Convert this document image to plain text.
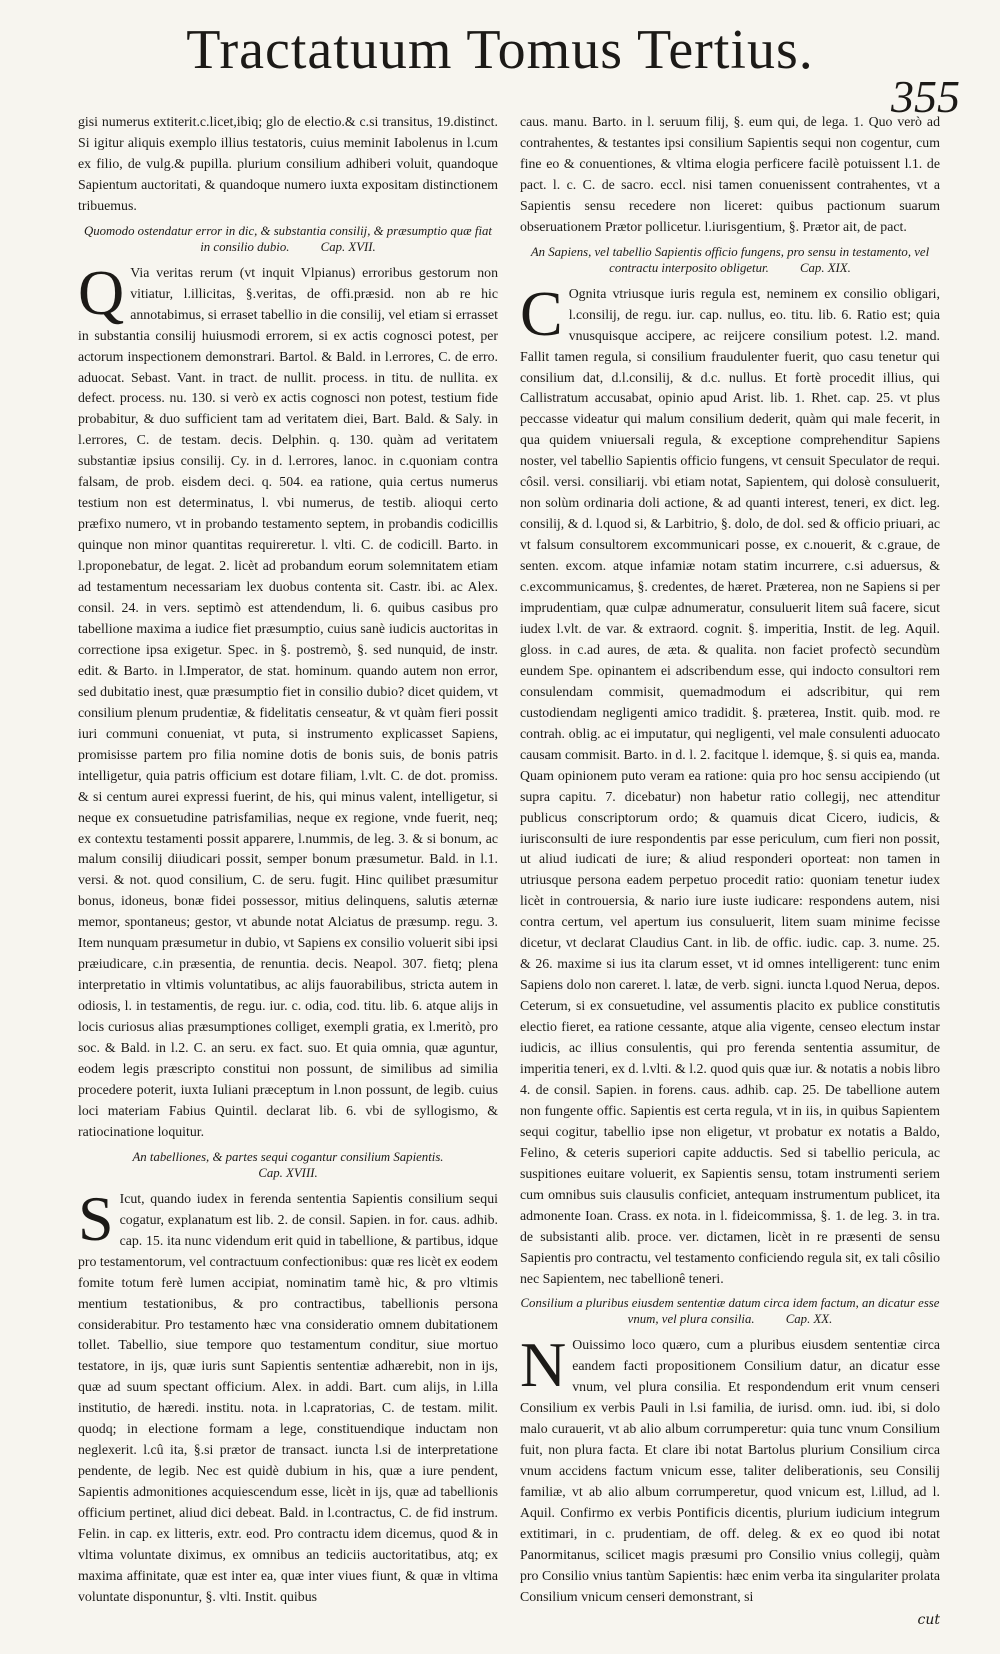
Tractatuum Tomus Tertius.
355

gisi numerus extiterit.c.licet,ibiq; glo de electio.& c.si transitus, 19.distinct. Si igitur aliquis exemplo illius testatoris, cuius meminit Iabolenus in l.cum ex filio, de vulg.& pupilla. plurium consilium adhiberi voluit, quandoque Sapientum auctoritati, & quandoque numero iuxta expositam distinctionem tribuemus.

Quomodo ostendatur error in dic, & substantia consilij, & præsumptio quæ fiat in consilio dubio. Cap. XVII.

Q Via veritas rerum (vt inquit Vlpianus) erroribus gestorum non vitiatur, l.illicitas, §.veritas, de offi.præsid. non ab re hic annotabimus, si erraset tabellio in die consilij, vel etiam si errasset in substantia consilij huiusmodi errorem, si ex actis cognosci potest, per actorum inspectionem demonstrari. Bartol. & Bald. in l.errores, C. de erro. aduocat. Sebast. Vant. in tract. de nullit. process. in titu. de nullita. ex defect. process. nu. 130. si verò ex actis cognosci non potest, testium fide probabitur, & duo sufficient tam ad veritatem diei, Bart. Bald. & Saly. in l.errores, C. de testam. decis. Delphin. q. 130. quàm ad veritatem substantiæ ipsius consilij. Cy. in d. l.errores, lanoc. in c.quoniam contra falsam, de prob. eisdem deci. q. 504. ea ratione, quia certus numerus testium non est determinatus, l. vbi numerus, de testib. alioqui certo præfixo numero, vt in probando testamento septem, in probandis codicillis quinque non minor quantitas requireretur. l. vlti. C. de codicill. Barto. in l.proponebatur, de legat. 2. licèt ad probandum eorum solemnitatem etiam ad testamentum necessariam lex duobus contenta sit. Castr. ibi. ac Alex. consil. 24. in vers. septimò est attendendum, li. 6. quibus casibus pro tabellione maxima a iudice fiet præsumptio, cuius sanè iudicis auctoritas in correctione ipsa exigetur. Spec. in §. postremò, §. sed nunquid, de instr. edit. & Barto. in l.Imperator, de stat. hominum. quando autem non error, sed dubitatio inest, quæ præsumptio fiet in consilio dubio? dicet quidem, vt consilium plenum prudentiæ, & fidelitatis censeatur, & vt quàm fieri possit iuri communi conueniat, vt puta, si instrumento explicasset Sapiens, promisisse partem pro filia nomine dotis de bonis suis, de bonis patris intelligetur, quia patris officium est dotare filiam, l.vlt. C. de dot. promiss. & si centum aurei expressi fuerint, de his, qui minus valent, intelligetur, si neque ex consuetudine patrisfamilias, neque ex regione, vnde fuerit, neq; ex contextu testamenti possit apparere, l.nummis, de leg. 3. & si bonum, ac malum consilij diiudicari possit, semper bonum præsumetur. Bald. in l.1. versi. & not. quod consilium, C. de seru. fugit. Hinc quilibet præsumitur bonus, idoneus, bonæ fidei possessor, mitius delinquens, salutis æternæ memor, spontaneus; gestor, vt abunde notat Alciatus de præsump. regu. 3. Item nunquam præsumetur in dubio, vt Sapiens ex consilio voluerit sibi ipsi præiudicare, c.in præsentia, de renuntia. decis. Neapol. 307. fietq; plena interpretatio in vltimis voluntatibus, ac alijs fauorabilibus, stricta autem in odiosis, l. in testamentis, de regu. iur. c. odia, cod. titu. lib. 6. atque alijs in locis curiosus alias præsumptiones colliget, exempli gratia, ex l.meritò, pro soc. & Bald. in l.2. C. an seru. ex fact. suo. Et quia omnia, quæ aguntur, eodem legis præscripto constitui non possunt, de similibus ad similia procedere poterit, iuxta Iuliani præceptum in l.non possunt, de legib. cuius loci materiam Fabius Quintil. declarat lib. 6. vbi de syllogismo, & ratiocinatione loquitur.

An tabelliones, & partes sequi cogantur consilium Sapientis.
Cap. XVIII.

S Icut, quando iudex in ferenda sententia Sapientis consilium sequi cogatur, explanatum est lib. 2. de consil. Sapien. in for. caus. adhib. cap. 15. ita nunc videndum erit quid in tabellione, & partibus, idque pro testamentorum, vel contractuum confectionibus: quæ res licèt ex eodem fomite totum ferè lumen accipiat, nominatim tamè hic, & pro vltimis mentium testationibus, & pro contractibus, tabellionis persona considerabitur. Pro testamento hæc vna consideratio omnem dubitationem tollet. Tabellio, siue tempore quo testamentum conditur, siue mortuo testatore, in ijs, quæ iuris sunt Sapientis sententiæ adhærebit, non in ijs, quæ ad suum spectant officium. Alex. in addi. Bart. cum alijs, in l.illa institutio, de hæredi. institu. nota. in l.capratorias, C. de testam. milit. quodq; in electione formam a lege, constituendique inductam non neglexerit. l.cû ita, §.si prætor de transact. iuncta l.si de interpretatione pendente, de legib. Nec est quidè dubium in his, quæ a iure pendent, Sapientis admonitiones acquiescendum esse, licèt in ijs, quæ ad tabellionis officium pertinet, aliud dici debeat. Bald. in l.contractus, C. de fid instrum. Felin. in cap. ex litteris, extr. eod. Pro contractu idem dicemus, quod & in vltima voluntate diximus, ex omnibus an tediciis auctoritatibus, atq; ex maxima affinitate, quæ est inter ea, quæ inter viues fiunt, & quæ in vltima voluntate disponuntur, §. vlti. Instit. quibus

caus. manu. Barto. in l. seruum filij, §. eum qui, de lega. 1. Quo verò ad contrahentes, & testantes ipsi consilium Sapientis sequi non cogentur, cum fine eo & conuentiones, & vltima elogia perficere facilè potuissent l.1. de pact. l. c. C. de sacro. eccl. nisi tamen conuenissent contrahentes, vt a Sapientis sensu recedere non liceret: quibus pactionum suarum obseruationem Prætor pollicetur. l.iurisgentium, §. Prætor ait, de pact.

An Sapiens, vel tabellio Sapientis officio fungens, pro sensu in testamento, vel contractu interposito obligetur. Cap. XIX.

C Ognita vtriusque iuris regula est, neminem ex consilio obligari, l.consilij, de regu. iur. cap. nullus, eo. titu. lib. 6. Ratio est; quia vnusquisque accipere, ac reijcere consilium potest. l.2. mand. Fallit tamen regula, si consilium fraudulenter fuerit, quo casu tenetur qui consilium dat, d.l.consilij, & d.c. nullus. Et fortè procedit illius, qui Callistratum accusabat, opinio apud Arist. lib. 1. Rhet. cap. 25. vt plus peccasse videatur qui malum consilium dederit, quàm qui male fecerit, in qua quidem vniuersali regula, & exceptione comprehenditur Sapiens noster, vel tabellio Sapientis officio fungens, vt censuit Speculator de requi. côsil. versi. consiliarij. vbi etiam notat, Sapientem, qui dolosè consuluerit, non solùm ordinaria doli actione, & ad quanti interest, teneri, ex dict. leg. consilij, & d. l.quod si, & Larbitrio, §. dolo, de dol. sed & officio priuari, ac vt falsum consultorem excommunicari posse, ex c.nouerit, & c.graue, de senten. excom. atque infamiæ notam statim incurrere, c.si aduersus, & c.excommunicamus, §. credentes, de hæret. Præterea, non ne Sapiens si per imprudentiam, quæ culpæ adnumeratur, consuluerit litem suâ facere, sicut iudex l.vlt. de var. & extraord. cognit. §. imperitia, Instit. de leg. Aquil. gloss. in c.ad aures, de æta. & qualita. non faciet profectò secundùm eundem Spe. opinantem ei adscribendum esse, qui indocto consultori rem consulendam commisit, quemadmodum ei adscribitur, qui rem custodiendam negligenti amico tradidit. §. præterea, Instit. quib. mod. re contrah. oblig. ac ei imputatur, qui negligenti, vel male consulenti aduocato causam commisit. Barto. in d. l. 2. facitque l. idemque, §. si quis ea, manda. Quam opinionem puto veram ea ratione: quia pro hoc sensu accipiendo (ut supra capitu. 7. dicebatur) non habetur ratio collegij, nec attenditur publicus conscriptorum ordo; & quamuis dicat Cicero, iudicis, & iurisconsulti de iure respondentis par esse periculum, cum fieri non possit, ut aliud iudicati de iure; & aliud responderi oporteat: non tamen in utriusque persona eadem perpetuo procedit ratio: quoniam tenetur iudex licèt in controuersia, & nario iure iuste iudicare: respondens autem, nisi contra certum, vel apertum ius consuluerit, litem suam minime fecisse dicetur, vt declarat Claudius Cant. in lib. de offic. iudic. cap. 3. nume. 25. & 26. maxime si ius ita clarum esset, vt id omnes intelligerent: tunc enim Sapiens dolo non careret. l. latæ, de verb. signi. iuncta l.quod Nerua, depos. Ceterum, si ex consuetudine, vel assumentis placito ex publice constitutis electio fieret, ea ratione cessante, atque alia vigente, censeo electum instar iudicis, ac illius consulentis, qui pro ferenda sententia assumitur, de imperitia teneri, ex d. l.vlti. & l.2. quod quis quæ iur. & notatis a nobis libro 4. de consil. Sapien. in forens. caus. adhib. cap. 25. De tabellione autem non fungente offic. Sapientis est certa regula, vt in iis, in quibus Sapientem sequi cogitur, tabellio ipse non eligetur, vt probatur ex notatis a Baldo, Felino, & ceteris superiori capite adductis. Sed si tabellio pericula, ac suspitiones euitare voluerit, ex Sapientis sensu, totam instrumenti seriem cum omnibus suis clausulis conficiet, antequam instrumentum publicet, ita admonente Ioan. Crass. ex nota. in l. fideicommissa, §. 1. de leg. 3. in tra. de subsistanti alib. proce. ver. dictamen, licèt in re præsenti de sensu Sapientis pro contractu, vel testamento conficiendo regula sit, ex tali côsilio nec Sapientem, nec tabellionê teneri.

Consilium a pluribus eiusdem sententiæ datum circa idem factum, an dicatur esse vnum, vel plura consilia. Cap. XX.

N Ouissimo loco quæro, cum a pluribus eiusdem sententiæ circa eandem facti propositionem Consilium datur, an dicatur esse vnum, vel plura consilia. Et respondendum erit vnum censeri Consilium ex verbis Pauli in l.si familia, de iurisd. omn. iud. ibi, si dolo malo curauerit, vt ab alio album corrumperetur: quia tunc vnum Consilium fuit, non plura facta. Et clare ibi notat Bartolus plurium Consilium circa vnum accidens factum vnicum esse, taliter deliberationis, seu Consilij familiæ, vt ab alio album corrumperetur, quod vnicum est, l.illud, ad l. Aquil. Confirmo ex verbis Pontificis dicentis, plurium iudicium integrum extitimari, in c. prudentiam, de off. deleg. & ex eo quod ibi notat Panormitanus, scilicet magis præsumi pro Consilio vnius collegij, quàm pro Consilio vnius tantùm Sapientis: hæc enim verba ita singulariter prolata Consilium vnicum censeri demonstrant, si

cut
